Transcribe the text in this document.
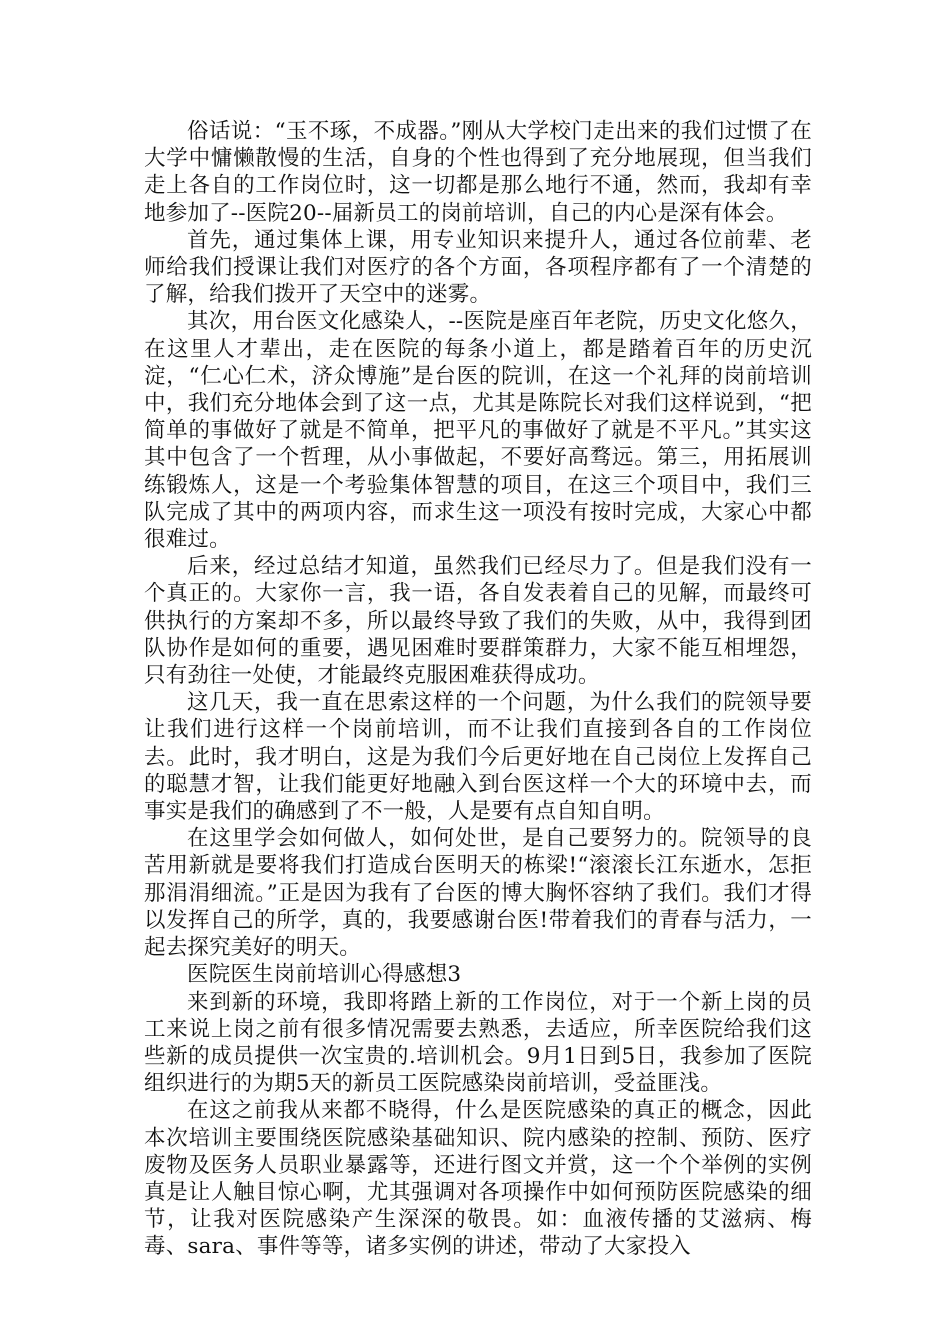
俗话说：“玉不琢，不成器。”刚从大学校门走出来的我们过惯了在大学中慵懒散慢的生活，自身的个性也得到了充分地展现，但当我们走上各自的工作岗位时，这一切都是那么地行不通，然而，我却有幸地参加了--医院20--届新员工的岗前培训，自己的内心是深有体会。

首先，通过集体上课，用专业知识来提升人，通过各位前辈、老师给我们授课让我们对医疗的各个方面，各项程序都有了一个清楚的了解，给我们拨开了天空中的迷雾。

其次，用台医文化感染人，--医院是座百年老院，历史文化悠久，在这里人才辈出，走在医院的每条小道上，都是踏着百年的历史沉淀，“仁心仁术，济众博施”是台医的院训，在这一个礼拜的岗前培训中，我们充分地体会到了这一点，尤其是陈院长对我们这样说到，“把简单的事做好了就是不简单，把平凡的事做好了就是不平凡。”其实这其中包含了一个哲理，从小事做起，不要好高骛远。第三，用拓展训练锻炼人，这是一个考验集体智慧的项目，在这三个项目中，我们三队完成了其中的两项内容，而求生这一项没有按时完成，大家心中都很难过。

后来，经过总结才知道，虽然我们已经尽力了。但是我们没有一个真正的。大家你一言，我一语，各自发表着自己的见解，而最终可供执行的方案却不多，所以最终导致了我们的失败，从中，我得到团队协作是如何的重要，遇见困难时要群策群力，大家不能互相埋怨，只有劲往一处使，才能最终克服困难获得成功。

这几天，我一直在思索这样的一个问题，为什么我们的院领导要让我们进行这样一个岗前培训，而不让我们直接到各自的工作岗位去。此时，我才明白，这是为我们今后更好地在自己岗位上发挥自己的聪慧才智，让我们能更好地融入到台医这样一个大的环境中去，而事实是我们的确感到了不一般，人是要有点自知自明。

在这里学会如何做人，如何处世，是自己要努力的。院领导的良苦用新就是要将我们打造成台医明天的栋梁!“滚滚长江东逝水，怎拒那涓涓细流。”正是因为我有了台医的博大胸怀容纳了我们。我们才得以发挥自己的所学，真的，我要感谢台医!带着我们的青春与活力，一起去探究美好的明天。

医院医生岗前培训心得感想3

来到新的环境，我即将踏上新的工作岗位，对于一个新上岗的员工来说上岗之前有很多情况需要去熟悉，去适应，所幸医院给我们这些新的成员提供一次宝贵的.培训机会。9月1日到5日，我参加了医院组织进行的为期5天的新员工医院感染岗前培训，受益匪浅。

在这之前我从来都不晓得，什么是医院感染的真正的概念，因此本次培训主要围绕医院感染基础知识、院内感染的控制、预防、医疗废物及医务人员职业暴露等，还进行图文并赏，这一个个举例的实例真是让人触目惊心啊，尤其强调对各项操作中如何预防医院感染的细节，让我对医院感染产生深深的敬畏。如：血液传播的艾滋病、梅毒、sara、事件等等，诸多实例的讲述，带动了大家投入
